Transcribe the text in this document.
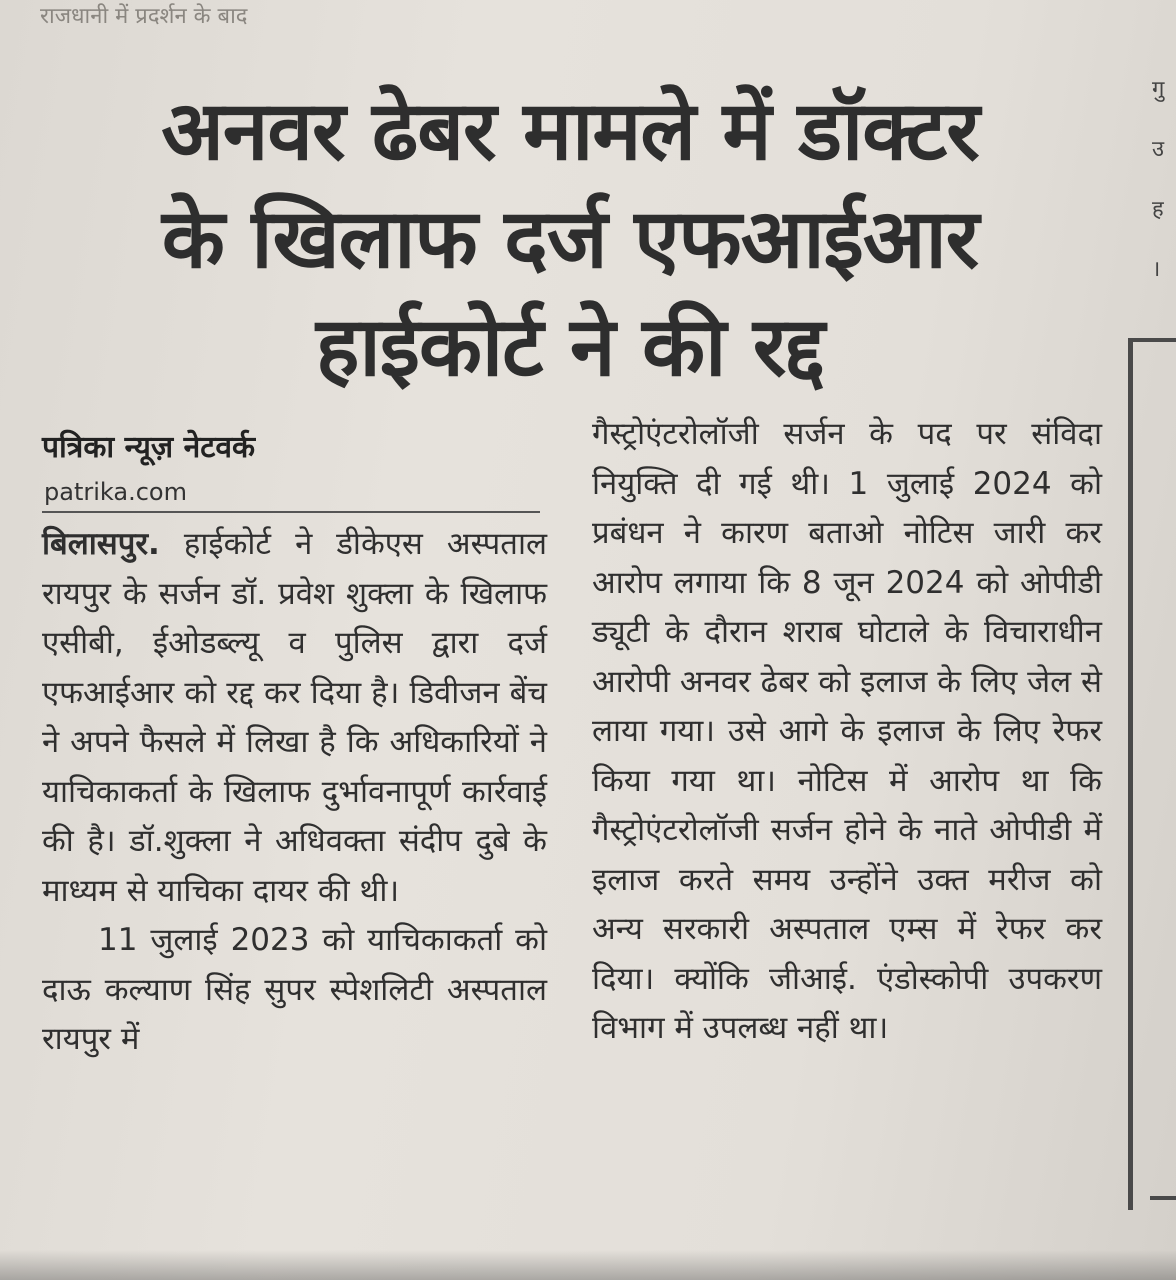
राजधानी में प्रदर्शन के बाद
गु उ ह ।
अनवर ढेबर मामले में डॉक्टर
के खिलाफ दर्ज एफआईआर
हाईकोर्ट ने की रद्द
पत्रिका न्यूज़ नेटवर्क
patrika.com

बिलासपुर. हाईकोर्ट ने डीकेएस अस्पताल रायपुर के सर्जन डॉ. प्रवेश शुक्ला के खिलाफ एसीबी, ईओडब्ल्यू व पुलिस द्वारा दर्ज एफआईआर को रद्द कर दिया है। डिवीजन बेंच ने अपने फैसले में लिखा है कि अधिकारियों ने याचिकाकर्ता के खिलाफ दुर्भावनापूर्ण कार्रवाई की है। डॉ.शुक्ला ने अधिवक्ता संदीप दुबे के माध्यम से याचिका दायर की थी।

11 जुलाई 2023 को याचिकाकर्ता को दाऊ कल्याण सिंह सुपर स्पेशलिटी अस्पताल रायपुर में

गैस्ट्रोएंटरोलॉजी सर्जन के पद पर संविदा नियुक्ति दी गई थी। 1 जुलाई 2024 को प्रबंधन ने कारण बताओ नोटिस जारी कर आरोप लगाया कि 8 जून 2024 को ओपीडी ड्यूटी के दौरान शराब घोटाले के विचाराधीन आरोपी अनवर ढेबर को इलाज के लिए जेल से लाया गया। उसे आगे के इलाज के लिए रेफर किया गया था। नोटिस में आरोप था कि गैस्ट्रोएंटरोलॉजी सर्जन होने के नाते ओपीडी में इलाज करते समय उन्होंने उक्त मरीज को अन्य सरकारी अस्पताल एम्स में रेफर कर दिया। क्योंकि जीआई. एंडोस्कोपी उपकरण विभाग में उपलब्ध नहीं था।
